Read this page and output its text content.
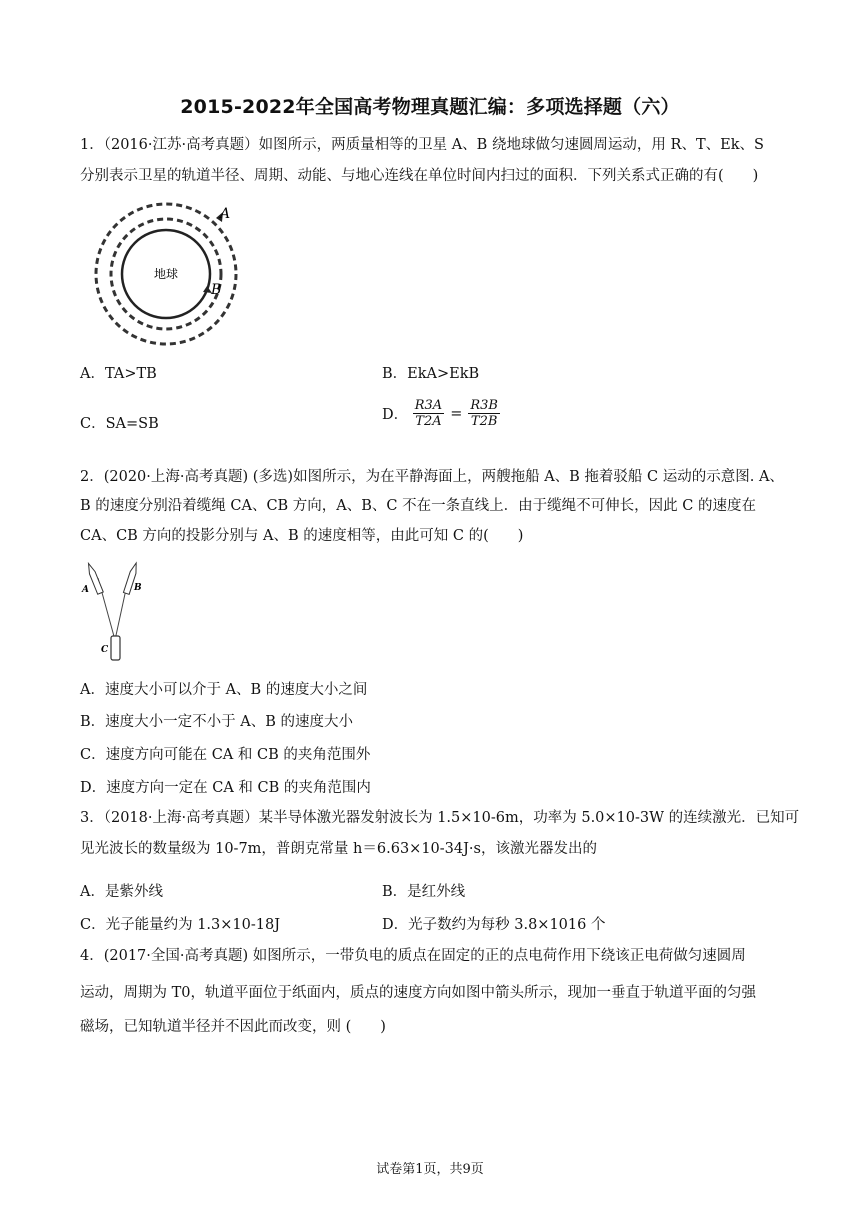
2015-2022年全国高考物理真题汇编：多项选择题（六）
1．（2016·江苏·高考真题）如图所示，两质量相等的卫星 A、B 绕地球做匀速圆周运动，用 R、T、Ek、S
分别表示卫星的轨道半径、周期、动能、与地心连线在单位时间内扫过的面积．下列关系式正确的有(　　)
地球
A
B
A．TA>TB	B．EkA>EkB
C．SA=SB
D． $\frac{R3A}{T2A} = \frac{R3B}{T2B}$
2．(2020·上海·高考真题) (多选)如图所示，为在平静海面上，两艘拖船 A、B 拖着驳船 C 运动的示意图. A、
B 的速度分别沿着缆绳 CA、CB 方向，A、B、C 不在一条直线上．由于缆绳不可伸长，因此 C 的速度在
CA、CB 方向的投影分别与 A、B 的速度相等，由此可知 C 的(　　)
A	B
C
A．速度大小可以介于 A、B 的速度大小之间
B．速度大小一定不小于 A、B 的速度大小
C．速度方向可能在 CA 和 CB 的夹角范围外
D．速度方向一定在 CA 和 CB 的夹角范围内
3．（2018·上海·高考真题）某半导体激光器发射波长为 1.5×10-6m，功率为 5.0×10-3W 的连续激光．已知可
见光波长的数量级为 10-7m，普朗克常量 h＝6.63×10-34J·s，该激光器发出的
A．是紫外线	B．是红外线
C．光子能量约为 1.3×10-18J	D．光子数约为每秒 3.8×1016 个
4．(2017·全国·高考真题) 如图所示，一带负电的质点在固定的正的点电荷作用下绕该正电荷做匀速圆周
运动，周期为 T0，轨道平面位于纸面内，质点的速度方向如图中箭头所示，现加一垂直于轨道平面的匀强
磁场，已知轨道半径并不因此而改变，则 (　　)
试卷第1页，共9页
